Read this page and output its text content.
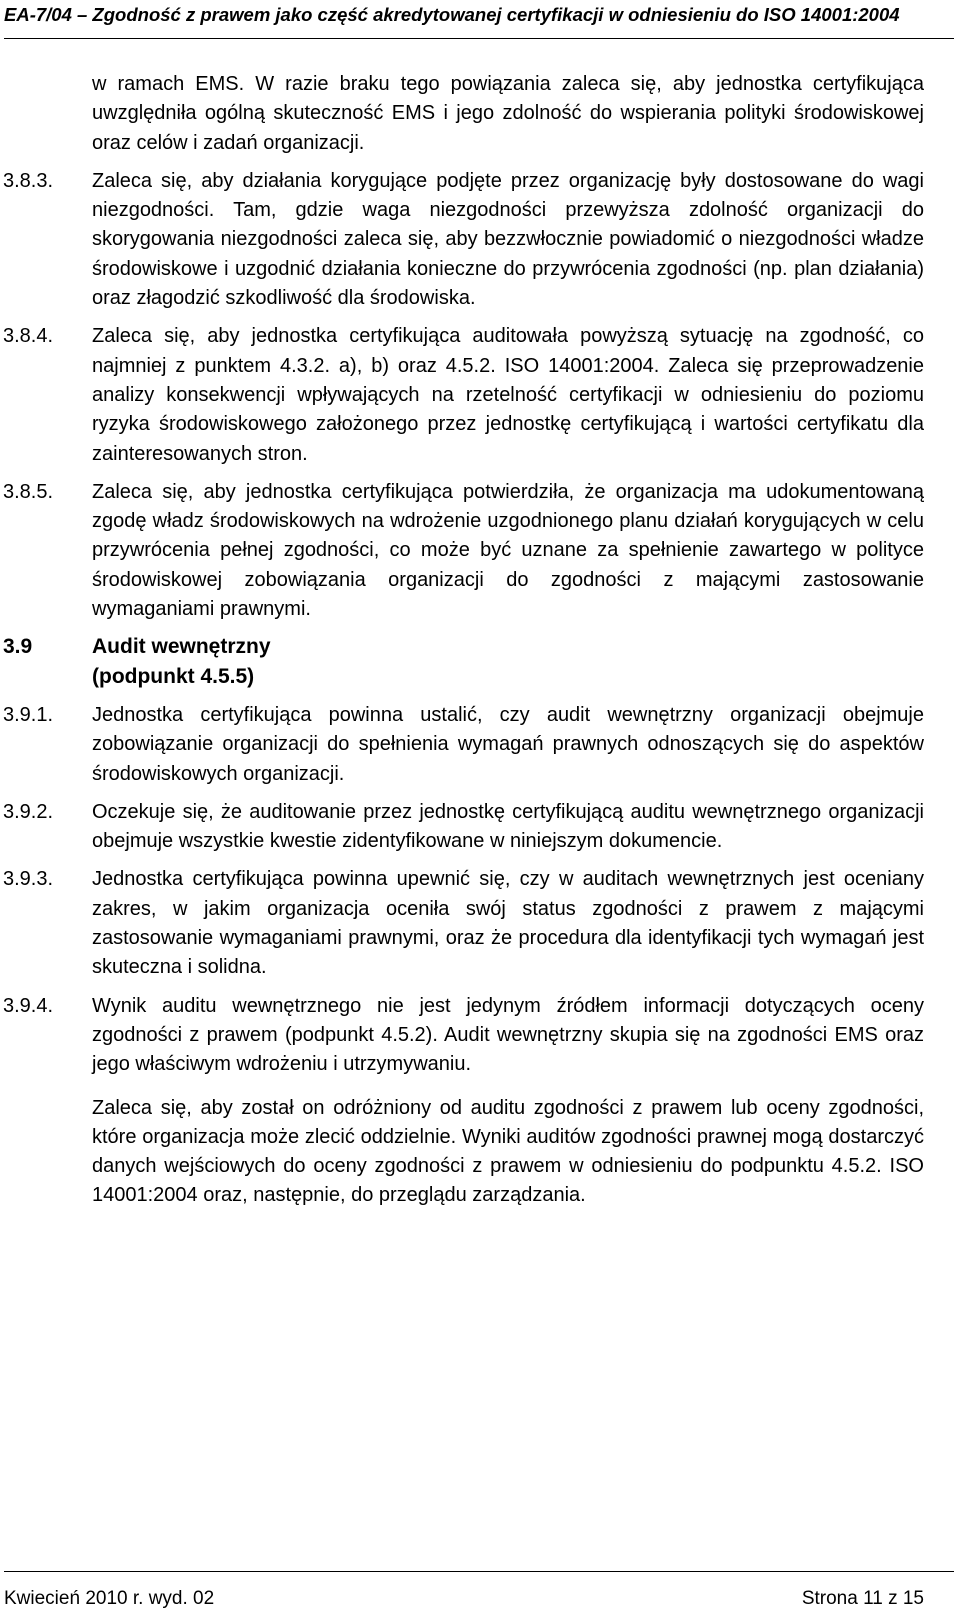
EA-7/04 – Zgodność z prawem jako część akredytowanej certyfikacji w odniesieniu do ISO 14001:2004
w ramach EMS. W razie braku tego powiązania zaleca się, aby jednostka certyfikująca uwzględniła ogólną skuteczność EMS i jego zdolność do wspierania polityki środowiskowej oraz celów i zadań organizacji.
3.8.3.	Zaleca się, aby działania korygujące podjęte przez organizację były dostosowane do wagi niezgodności. Tam, gdzie waga niezgodności przewyższa zdolność organizacji do skorygowania niezgodności zaleca się, aby bezzwłocznie powiadomić o niezgodności władze środowiskowe i uzgodnić działania konieczne do przywrócenia zgodności (np. plan działania) oraz złagodzić szkodliwość dla środowiska.
3.8.4.	Zaleca się, aby jednostka certyfikująca auditowała powyższą sytuację na zgodność, co najmniej z punktem 4.3.2. a), b) oraz 4.5.2. ISO 14001:2004. Zaleca się przeprowadzenie analizy konsekwencji wpływających na rzetelność certyfikacji w odniesieniu do poziomu ryzyka środowiskowego założonego przez jednostkę certyfikującą i wartości certyfikatu dla zainteresowanych stron.
3.8.5.	Zaleca się, aby jednostka certyfikująca potwierdziła, że organizacja ma udokumentowaną zgodę władz środowiskowych na wdrożenie uzgodnionego planu działań korygujących w celu przywrócenia pełnej zgodności, co może być uznane za spełnienie zawartego w polityce środowiskowej zobowiązania organizacji do zgodności z mającymi zastosowanie wymaganiami prawnymi.
3.9	Audit wewnętrzny
(podpunkt 4.5.5)
3.9.1.	Jednostka certyfikująca powinna ustalić, czy audit wewnętrzny organizacji obejmuje zobowiązanie organizacji do spełnienia wymagań prawnych odnoszących się do aspektów środowiskowych organizacji.
3.9.2.	Oczekuje się, że auditowanie przez jednostkę certyfikującą auditu wewnętrznego organizacji obejmuje wszystkie kwestie zidentyfikowane w niniejszym dokumencie.
3.9.3.	Jednostka certyfikująca powinna upewnić się, czy w auditach wewnętrznych jest oceniany zakres, w jakim organizacja oceniła swój status zgodności z prawem z mającymi zastosowanie wymaganiami prawnymi, oraz że procedura dla identyfikacji tych wymagań jest skuteczna i solidna.
3.9.4.	Wynik auditu wewnętrznego nie jest jedynym źródłem informacji dotyczących oceny zgodności z prawem (podpunkt 4.5.2). Audit wewnętrzny skupia się na zgodności EMS oraz jego właściwym wdrożeniu i utrzymywaniu.
Zaleca się, aby został on odróżniony od auditu zgodności z prawem lub oceny zgodności, które organizacja może zlecić oddzielnie. Wyniki auditów zgodności prawnej mogą dostarczyć danych wejściowych do oceny zgodności z prawem w odniesieniu do podpunktu 4.5.2. ISO 14001:2004 oraz, następnie, do przeglądu zarządzania.
Kwiecień 2010 r. wyd. 02	Strona 11 z 15
